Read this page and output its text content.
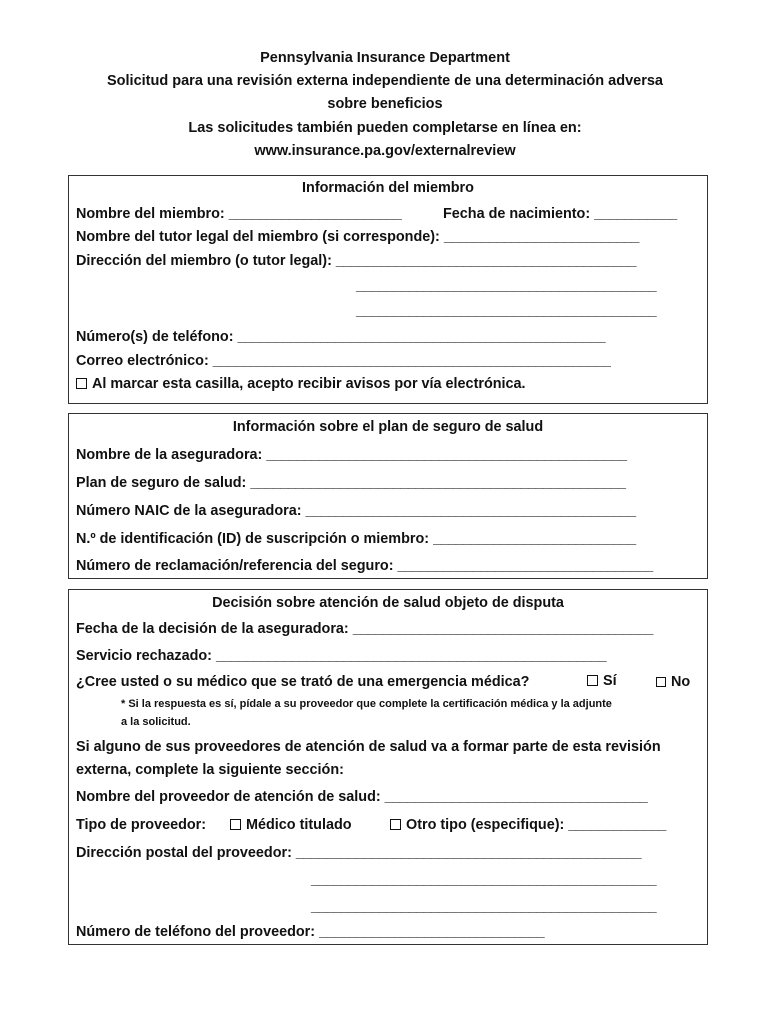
Pennsylvania Insurance Department
Solicitud para una revisión externa independiente de una determinación adversa
sobre beneficios
Las solicitudes también pueden completarse en línea en:
www.insurance.pa.gov/externalreview
Información del miembro
Nombre del miembro: _______________________	Fecha de nacimiento: ___________
Nombre del tutor legal del miembro (si corresponde): __________________________
Dirección del miembro (o tutor legal): ________________________________________
________________________________________
________________________________________
Número(s) de teléfono: _________________________________________________
Correo electrónico: _____________________________________________________
Al marcar esta casilla, acepto recibir avisos por vía electrónica.
Información sobre el plan de seguro de salud
Nombre de la aseguradora: ________________________________________________
Plan de seguro de salud: __________________________________________________
Número NAIC de la aseguradora: ____________________________________________
N.º de identificación (ID) de suscripción o miembro: ___________________________
Número de reclamación/referencia del seguro: __________________________________
Decisión sobre atención de salud objeto de disputa
Fecha de la decisión de la aseguradora: ________________________________________
Servicio rechazado: ____________________________________________________
¿Cree usted o su médico que se trató de una emergencia médica?	Sí	No
* Si la respuesta es sí, pídale a su proveedor que complete la certificación médica y la adjunte
a la solicitud.
Si alguno de sus proveedores de atención de salud va a formar parte de esta revisión
externa, complete la siguiente sección:
Nombre del proveedor de atención de salud: ___________________________________
Tipo de proveedor:	Médico titulado	Otro tipo (especifique): _____________
Dirección postal del proveedor: ______________________________________________
______________________________________________
______________________________________________
Número de teléfono del proveedor: ______________________________
